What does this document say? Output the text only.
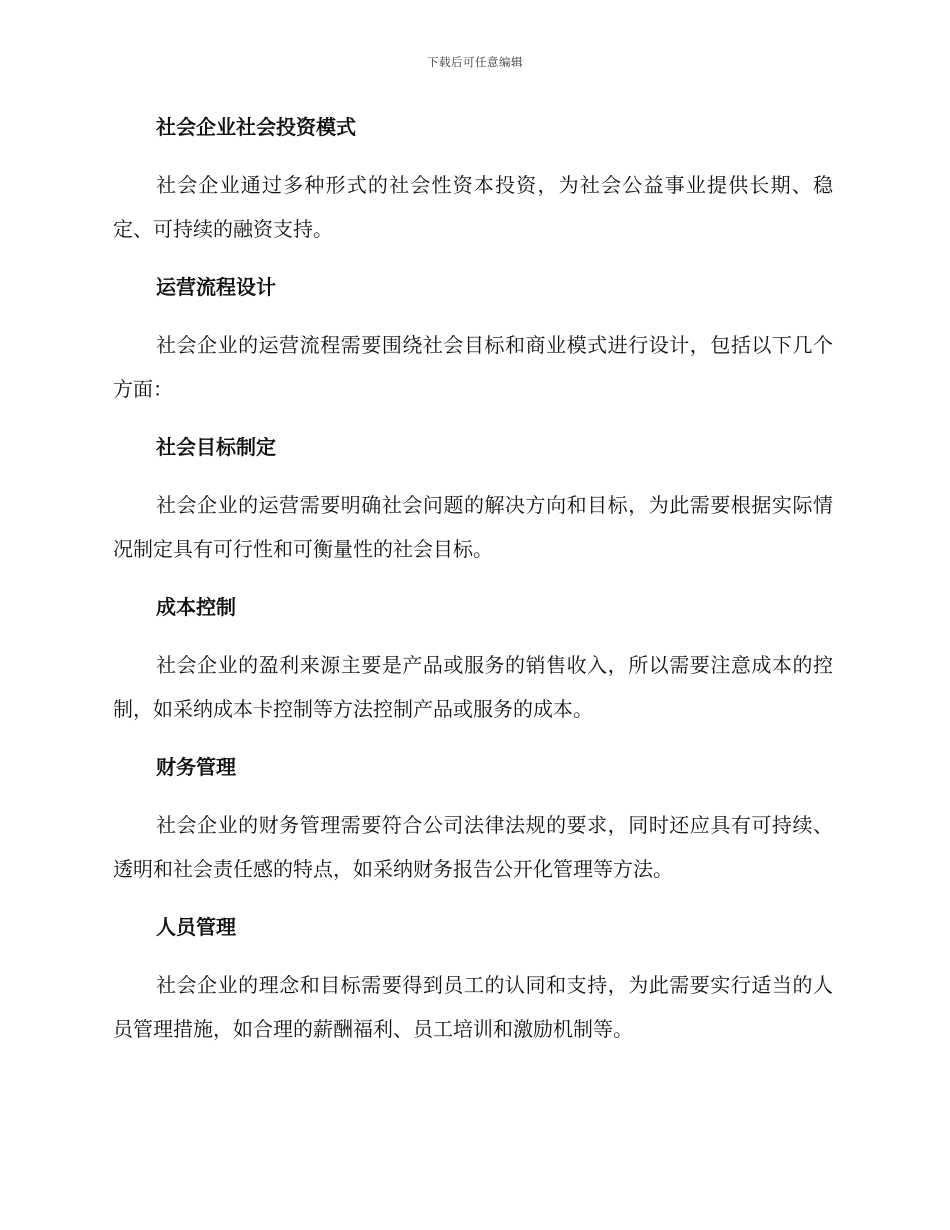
下载后可任意编辑
社会企业社会投资模式

社会企业通过多种形式的社会性资本投资，为社会公益事业提供长期、稳定、可持续的融资支持。

运营流程设计

社会企业的运营流程需要围绕社会目标和商业模式进行设计，包括以下几个方面：

社会目标制定

社会企业的运营需要明确社会问题的解决方向和目标，为此需要根据实际情况制定具有可行性和可衡量性的社会目标。

成本控制

社会企业的盈利来源主要是产品或服务的销售收入，所以需要注意成本的控制，如采纳成本卡控制等方法控制产品或服务的成本。

财务管理

社会企业的财务管理需要符合公司法律法规的要求，同时还应具有可持续、透明和社会责任感的特点，如采纳财务报告公开化管理等方法。

人员管理

社会企业的理念和目标需要得到员工的认同和支持，为此需要实行适当的人员管理措施，如合理的薪酬福利、员工培训和激励机制等。
